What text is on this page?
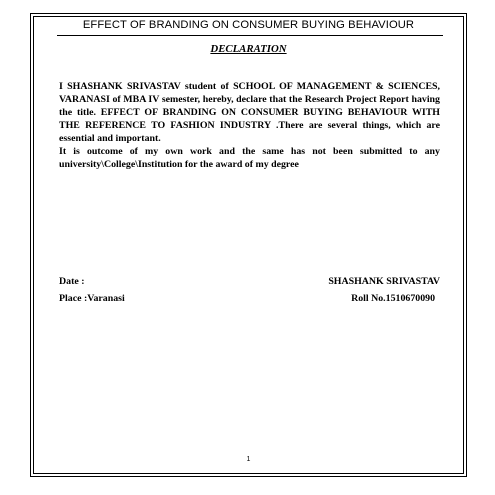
EFFECT OF BRANDING ON CONSUMER BUYING BEHAVIOUR
DECLARATION

I SHASHANK SRIVASTAV student of SCHOOL OF MANAGEMENT & SCIENCES, VARANASI of MBA IV semester, hereby, declare that the Research Project Report having the title. EFFECT OF BRANDING ON CONSUMER BUYING BEHAVIOUR WITH THE REFERENCE TO FASHION INDUSTRY .There are several things, which are essential and important.

It is outcome of my own work and the same has not been submitted to any university\College\Institution for the award of my degree

Date :	SHASHANK SRIVASTAV
Place :Varanasi	Roll No.1510670090
1
